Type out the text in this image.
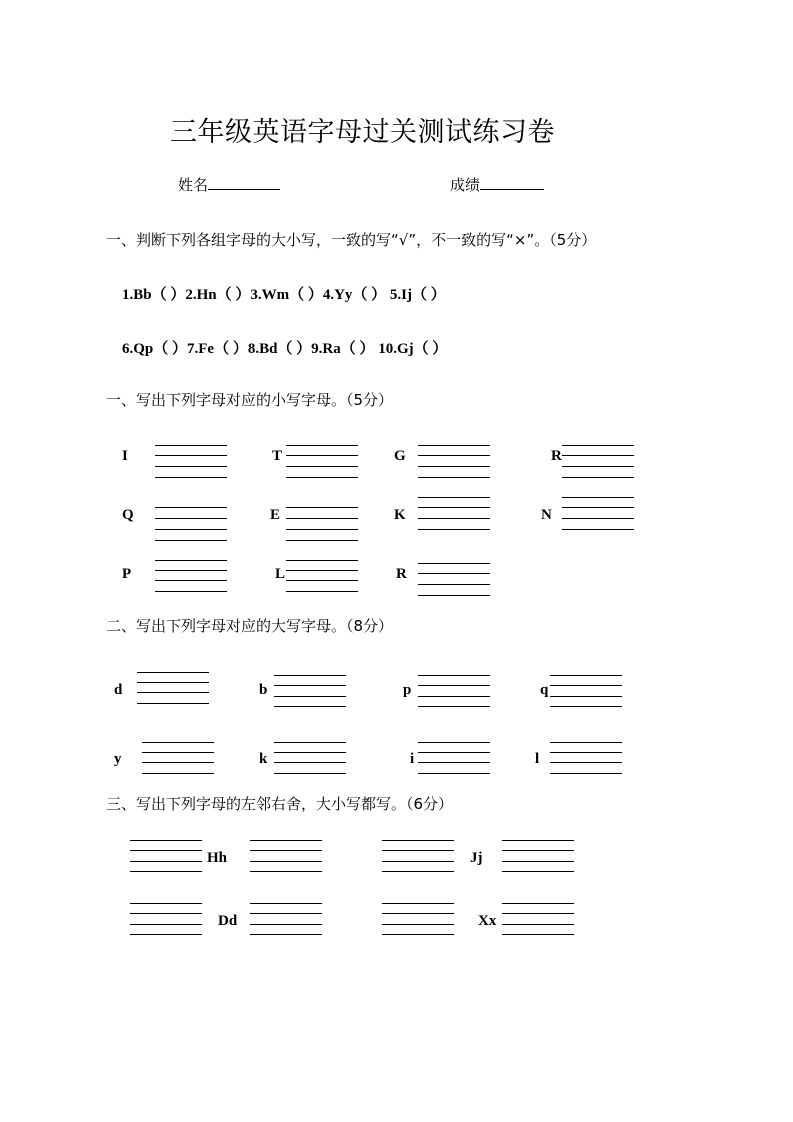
三年级英语字母过关测试练习卷
姓名	成绩
一、判断下列各组字母的大小写，一致的写“√”，不一致的写“×”。（5分）
1.Bb（ ）2.Hn（ ）3.Wm（ ）4.Yy（ ） 5.Ij（ ）
6.Qp（ ）7.Fe（ ）8.Bd（ ）9.Ra（ ） 10.Gj（ ）
一、写出下列字母对应的小写字母。（5分）
I	T	G	R
Q	E	K	N
P	L	R
二、写出下列字母对应的大写字母。（8分）
d	b	p	q
y	k	i	l
三、写出下列字母的左邻右舍，大小写都写。（6分）
Hh	Jj
Dd	Xx
